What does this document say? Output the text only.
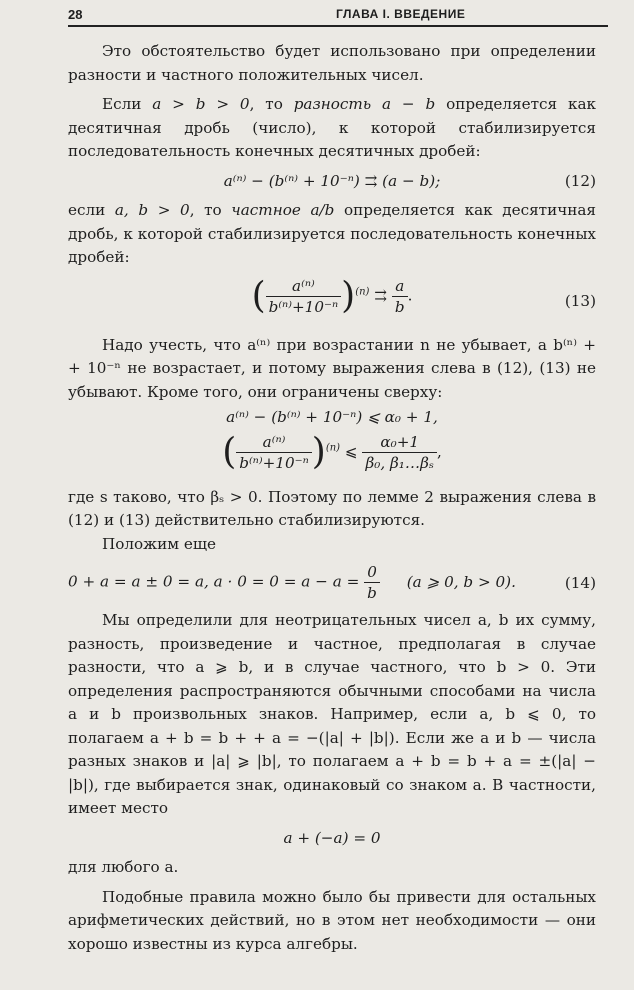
28	ГЛАВА I. ВВЕДЕНИЕ

Это обстоятельство будет использовано при определении разности и частного положительных чисел.

Если a > b > 0, то разность a − b определяется как десятичная дробь (число), к которой стабилизируется последовательность конечных десятичных дробей:

a⁽ⁿ⁾ − (b⁽ⁿ⁾ + 10⁻ⁿ) ⇉ (a − b);	(12)

если a, b > 0, то частное a/b определяется как десятичная дробь, к которой стабилизируется последовательность конечных дробей:

( $\frac{\text{a⁽ⁿ⁾}}{\text{b⁽ⁿ⁾+10⁻ⁿ}} )^{(n)}$ ⇉ $\frac{a}{b}$ .	(13)

Надо учесть, что a⁽ⁿ⁾ при возрастании n не убывает, a b⁽ⁿ⁾ + + 10⁻ⁿ не возрастает, и потому выражения слева в (12), (13) не убывают. Кроме того, они ограничены сверху:

a⁽ⁿ⁾ − (b⁽ⁿ⁾ + 10⁻ⁿ) ⩽ α₀ + 1,
( $\frac{\text{a⁽ⁿ⁾}}{\text{b⁽ⁿ⁾+10⁻ⁿ}} )^{(n)}$ ⩽ $\frac{\text{α₀+1}}{\text{β₀, β₁…βₛ}}$ ,

где s таково, что βₛ > 0. Поэтому по лемме 2 выражения слева в (12) и (13) действительно стабилизируются.

Положим еще

0 + a = a ± 0 = a, $a \cdot 0 = 0 = a - a = \frac{0}{b} (a$ ⩾ 0, b > 0).	(14)

Мы определили для неотрицательных чисел a, b их сумму, разность, произведение и частное, предполагая в случае разности, что a ⩾ b, и в случае частного, что b > 0. Эти определения распространяются обычными способами на числа a и b произвольных знаков. Например, если a, b ⩽ 0, то полагаем a + b = b + + a = −(|a| + |b|). Если же a и b — числа разных знаков и |a| ⩾ |b|, то полагаем a + b = b + a = ±(|a| − |b|), где выбирается знак, одинаковый со знаком a. В частности, имеет место

a + (−a) = 0

для любого a.

Подобные правила можно было бы привести для остальных арифметических действий, но в этом нет необходимости — они хорошо известны из курса алгебры.
